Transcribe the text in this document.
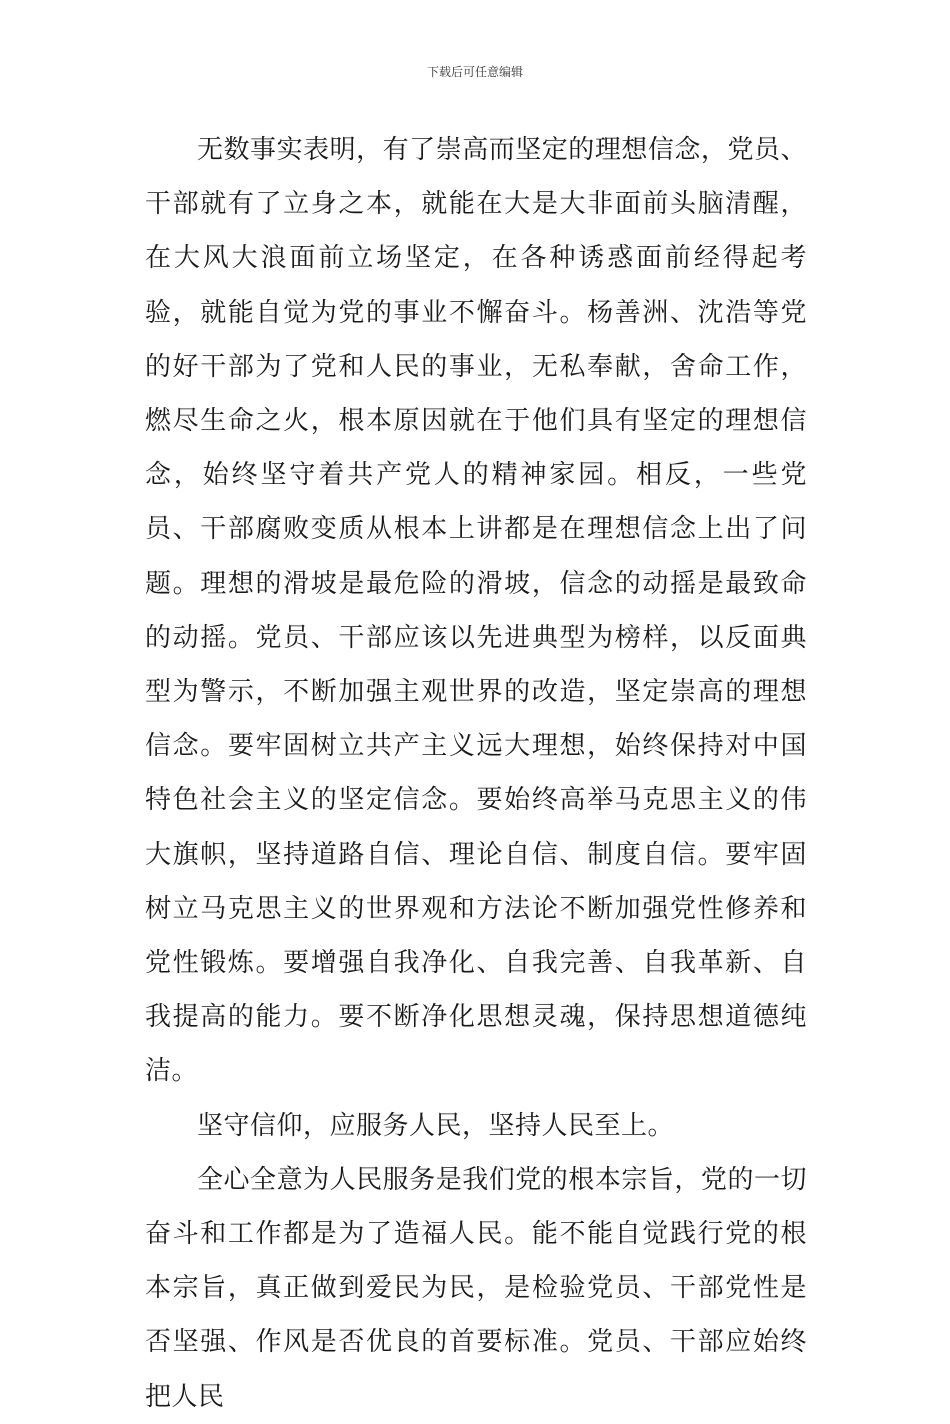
下载后可任意编辑

无数事实表明，有了崇高而坚定的理想信念，党员、干部就有了立身之本，就能在大是大非面前头脑清醒，在大风大浪面前立场坚定，在各种诱惑面前经得起考验，就能自觉为党的事业不懈奋斗。杨善洲、沈浩等党的好干部为了党和人民的事业，无私奉献，舍命工作，燃尽生命之火，根本原因就在于他们具有坚定的理想信念，始终坚守着共产党人的精神家园。相反，一些党员、干部腐败变质从根本上讲都是在理想信念上出了问题。理想的滑坡是最危险的滑坡，信念的动摇是最致命的动摇。党员、干部应该以先进典型为榜样，以反面典型为警示，不断加强主观世界的改造，坚定崇高的理想信念。要牢固树立共产主义远大理想，始终保持对中国特色社会主义的坚定信念。要始终高举马克思主义的伟大旗帜，坚持道路自信、理论自信、制度自信。要牢固树立马克思主义的世界观和方法论不断加强党性修养和党性锻炼。要增强自我净化、自我完善、自我革新、自我提高的能力。要不断净化思想灵魂，保持思想道德纯洁。

坚守信仰，应服务人民，坚持人民至上。

全心全意为人民服务是我们党的根本宗旨，党的一切奋斗和工作都是为了造福人民。能不能自觉践行党的根本宗旨，真正做到爱民为民，是检验党员、干部党性是否坚强、作风是否优良的首要标准。党员、干部应始终把人民
